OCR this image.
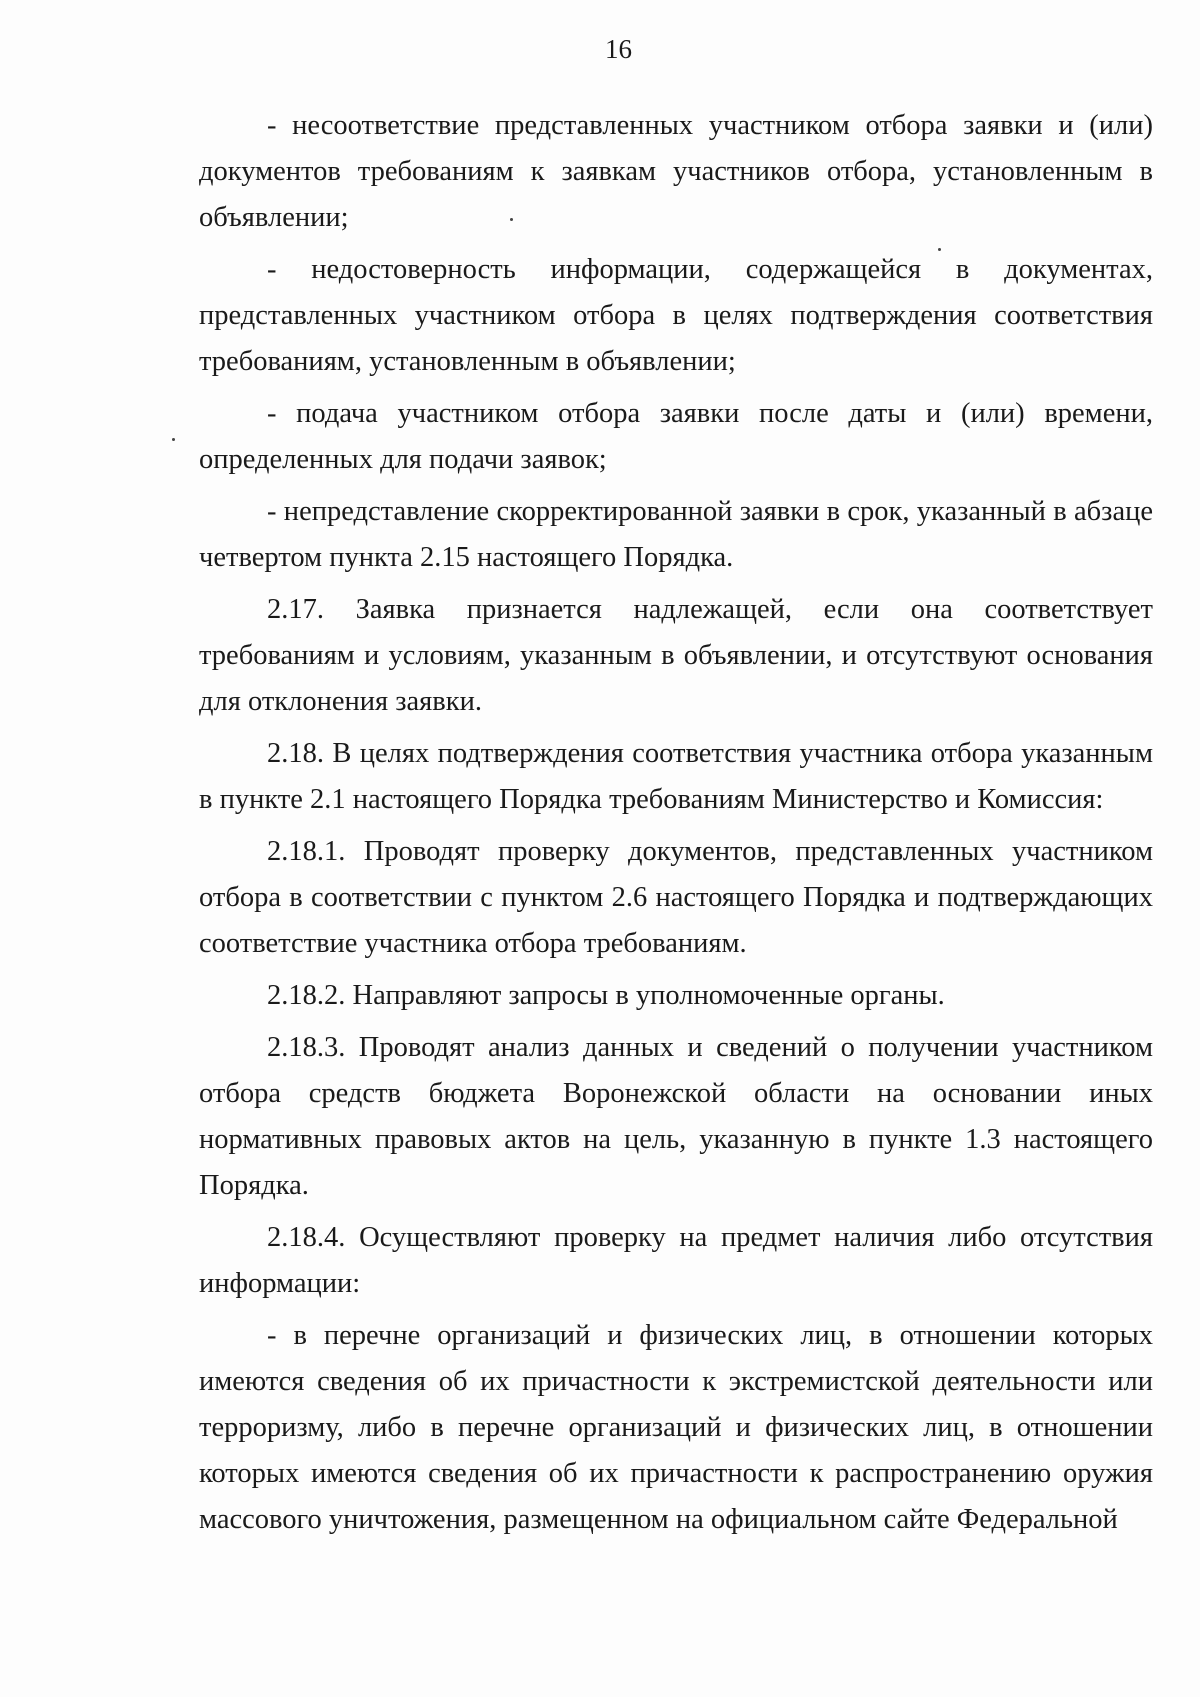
16

- несоответствие представленных участником отбора заявки и (или) документов требованиям к заявкам участников отбора, установленным в объявлении;

- недостоверность информации, содержащейся в документах, представленных участником отбора в целях подтверждения соответствия требованиям, установленным в объявлении;

- подача участником отбора заявки после даты и (или) времени, определенных для подачи заявок;

- непредставление скорректированной заявки в срок, указанный в абзаце четвертом пункта 2.15 настоящего Порядка.

2.17. Заявка признается надлежащей, если она соответствует требованиям и условиям, указанным в объявлении, и отсутствуют основания для отклонения заявки.

2.18. В целях подтверждения соответствия участника отбора указанным в пункте 2.1 настоящего Порядка требованиям Министерство и Комиссия:

2.18.1. Проводят проверку документов, представленных участником отбора в соответствии с пунктом 2.6 настоящего Порядка и подтверждающих соответствие участника отбора требованиям.

2.18.2. Направляют запросы в уполномоченные органы.

2.18.3. Проводят анализ данных и сведений о получении участником отбора средств бюджета Воронежской области на основании иных нормативных правовых актов на цель, указанную в пункте 1.3 настоящего Порядка.

2.18.4. Осуществляют проверку на предмет наличия либо отсутствия информации:

- в перечне организаций и физических лиц, в отношении которых имеются сведения об их причастности к экстремистской деятельности или терроризму, либо в перечне организаций и физических лиц, в отношении которых имеются сведения об их причастности к распространению оружия массового уничтожения, размещенном на официальном сайте Федеральной
